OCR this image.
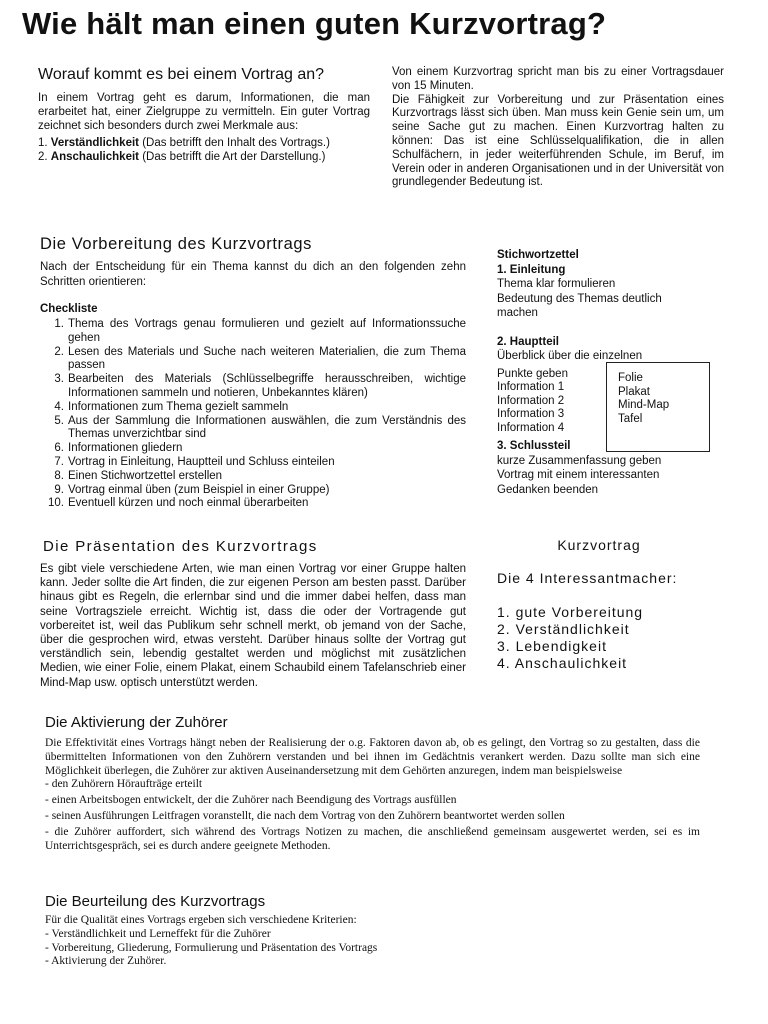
Wie hält man einen guten Kurzvortrag?
Worauf kommt es bei einem Vortrag an?

In einem Vortrag geht es darum, Informationen, die man erarbeitet hat, einer Zielgruppe zu vermitteln. Ein guter Vortrag zeichnet sich besonders durch zwei Merkmale aus:

1. Verständlichkeit (Das betrifft den Inhalt des Vortrags.)

2. Anschaulichkeit (Das betrifft die Art der Darstellung.)

Von einem Kurzvortrag spricht man bis zu einer Vortragsdauer von 15 Minuten.

Die Fähigkeit zur Vorbereitung und zur Präsentation eines Kurzvortrags lässt sich üben. Man muss kein Genie sein um, um seine Sache gut zu machen. Einen Kurzvortrag halten zu können: Das ist eine Schlüsselqualifikation, die in allen Schulfächern, in jeder weiterführenden Schule, im Beruf, im Verein oder in anderen Organisationen und in der Universität von grundlegender Bedeutung ist.

Die Vorbereitung des Kurzvortrags
Nach der Entscheidung für ein Thema kannst du dich an den folgenden zehn Schritten orientieren:
Checkliste
1. Thema des Vortrags genau formulieren und gezielt auf Informationssuche gehen
2. Lesen des Materials und Suche nach weiteren Materialien, die zum Thema passen
3. Bearbeiten des Materials (Schlüsselbegriffe herausschreiben, wichtige Informationen sammeln und notieren, Unbekanntes klären)
4. Informationen zum Thema gezielt sammeln
5. Aus der Sammlung die Informationen auswählen, die zum Verständnis des Themas unverzichtbar sind
6. Informationen gliedern
7. Vortrag in Einleitung, Hauptteil und Schluss einteilen
8. Einen Stichwortzettel erstellen
9. Vortrag einmal üben (zum Beispiel in einer Gruppe)
10. Eventuell kürzen und noch einmal überarbeiten
Stichwortzettel
1. Einleitung
Thema klar formulieren
Bedeutung des Themas deutlich
machen
2. Hauptteil
Überblick über die einzelnen
Punkte geben
Information 1
Information 2
Information 3
Information 4
3. Schlussteil
kurze Zusammenfassung geben
Vortrag mit einem interessanten
Gedanken beenden
Folie
Plakat
Mind-Map
Tafel
Die Präsentation des Kurzvortrags
Es gibt viele verschiedene Arten, wie man einen Vortrag vor einer Gruppe halten kann. Jeder sollte die Art finden, die zur eigenen Person am besten passt. Darüber hinaus gibt es Regeln, die erlernbar sind und die immer dabei helfen, dass man seine Vortragsziele erreicht. Wichtig ist, dass die oder der Vortragende gut vorbereitet ist, weil das Publikum sehr schnell merkt, ob jemand von der Sache, über die gesprochen wird, etwas versteht. Darüber hinaus sollte der Vortrag gut verständlich sein, lebendig gestaltet werden und möglichst mit zusätzlichen Medien, wie einer Folie, einem Plakat, einem Schaubild einem Tafelanschrieb einer Mind-Map usw. optisch unterstützt werden.
Kurzvortrag
Die 4 Interessantmacher:
1. gute Vorbereitung
2. Verständlichkeit
3. Lebendigkeit
4. Anschaulichkeit
Die Aktivierung der Zuhörer

Die Effektivität eines Vortrags hängt neben der Realisierung der o.g. Faktoren davon ab, ob es gelingt, den Vortrag so zu gestalten, dass die übermittelten Informationen von den Zuhörern verstanden und bei ihnen im Gedächtnis verankert werden. Dazu sollte man sich eine Möglichkeit überlegen, die Zuhörer zur aktiven Auseinandersetzung mit dem Gehörten anzuregen, indem man beispielsweise

- den Zuhörern Höraufträge erteilt

- einen Arbeitsbogen entwickelt, der die Zuhörer nach Beendigung des Vortrags ausfüllen

- seinen Ausführungen Leitfragen voranstellt, die nach dem Vortrag von den Zuhörern beantwortet werden sollen

- die Zuhörer auffordert, sich während des Vortrags Notizen zu machen, die anschließend gemeinsam ausgewertet werden, sei es im Unterrichtsgespräch, sei es durch andere geeignete Methoden.

Die Beurteilung des Kurzvortrags

Für die Qualität eines Vortrags ergeben sich verschiedene Kriterien:

- Verständlichkeit und Lerneffekt für die Zuhörer

- Vorbereitung, Gliederung, Formulierung und Präsentation des Vortrags

- Aktivierung der Zuhörer.
